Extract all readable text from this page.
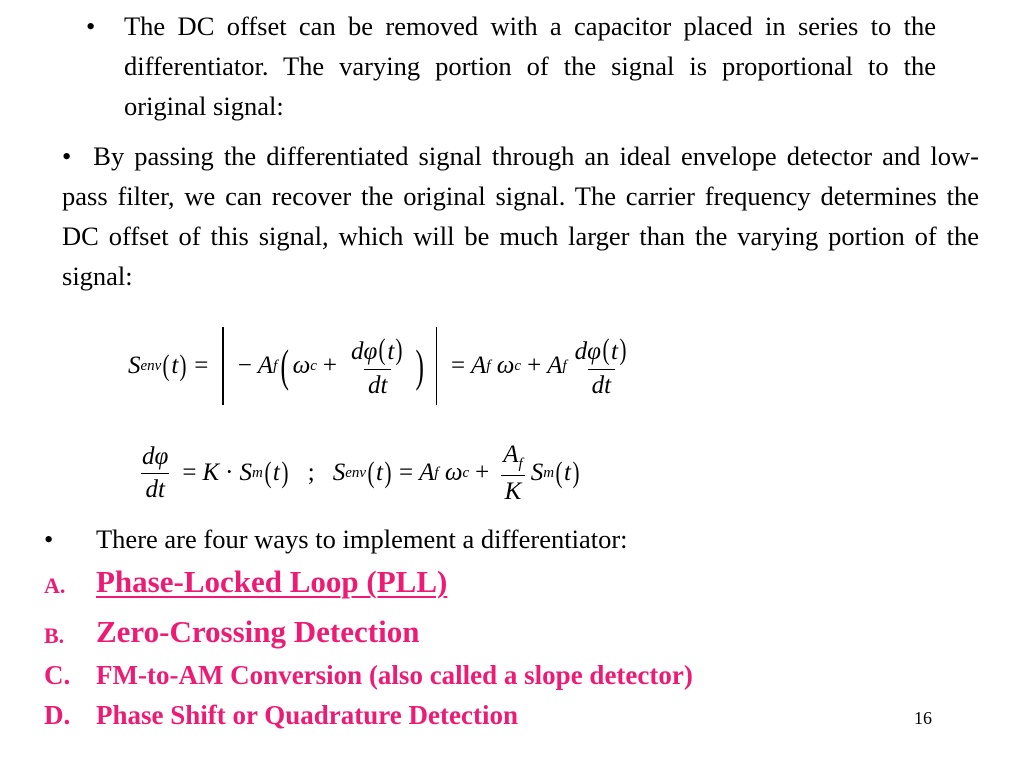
• The DC offset can be removed with a capacitor placed in series to the differentiator. The varying portion of the signal is proportional to the original signal:
• By passing the differentiated signal through an ideal envelope detector and low-pass filter, we can recover the original signal. The carrier frequency determines the DC offset of this signal, which will be much larger than the varying portion of the signal:
S env ( t ) = − A f ( ω $c + \frac{d\varphi(t)}{dt}$ ) = A f
ω c + A f $\frac{d\varphi(t)}{dt}$
$\frac{d\varphi}{dt} = K \cdot S$ m ( t ) ; S env ( t ) = A f
ω $c + \frac{A_f}{K}$ S m ( t )
• There are four ways to implement a differentiator:
A. Phase-Locked Loop (PLL)
B. Zero-Crossing Detection
C. FM-to-AM Conversion (also called a slope detector)
D. Phase Shift or Quadrature Detection	16
